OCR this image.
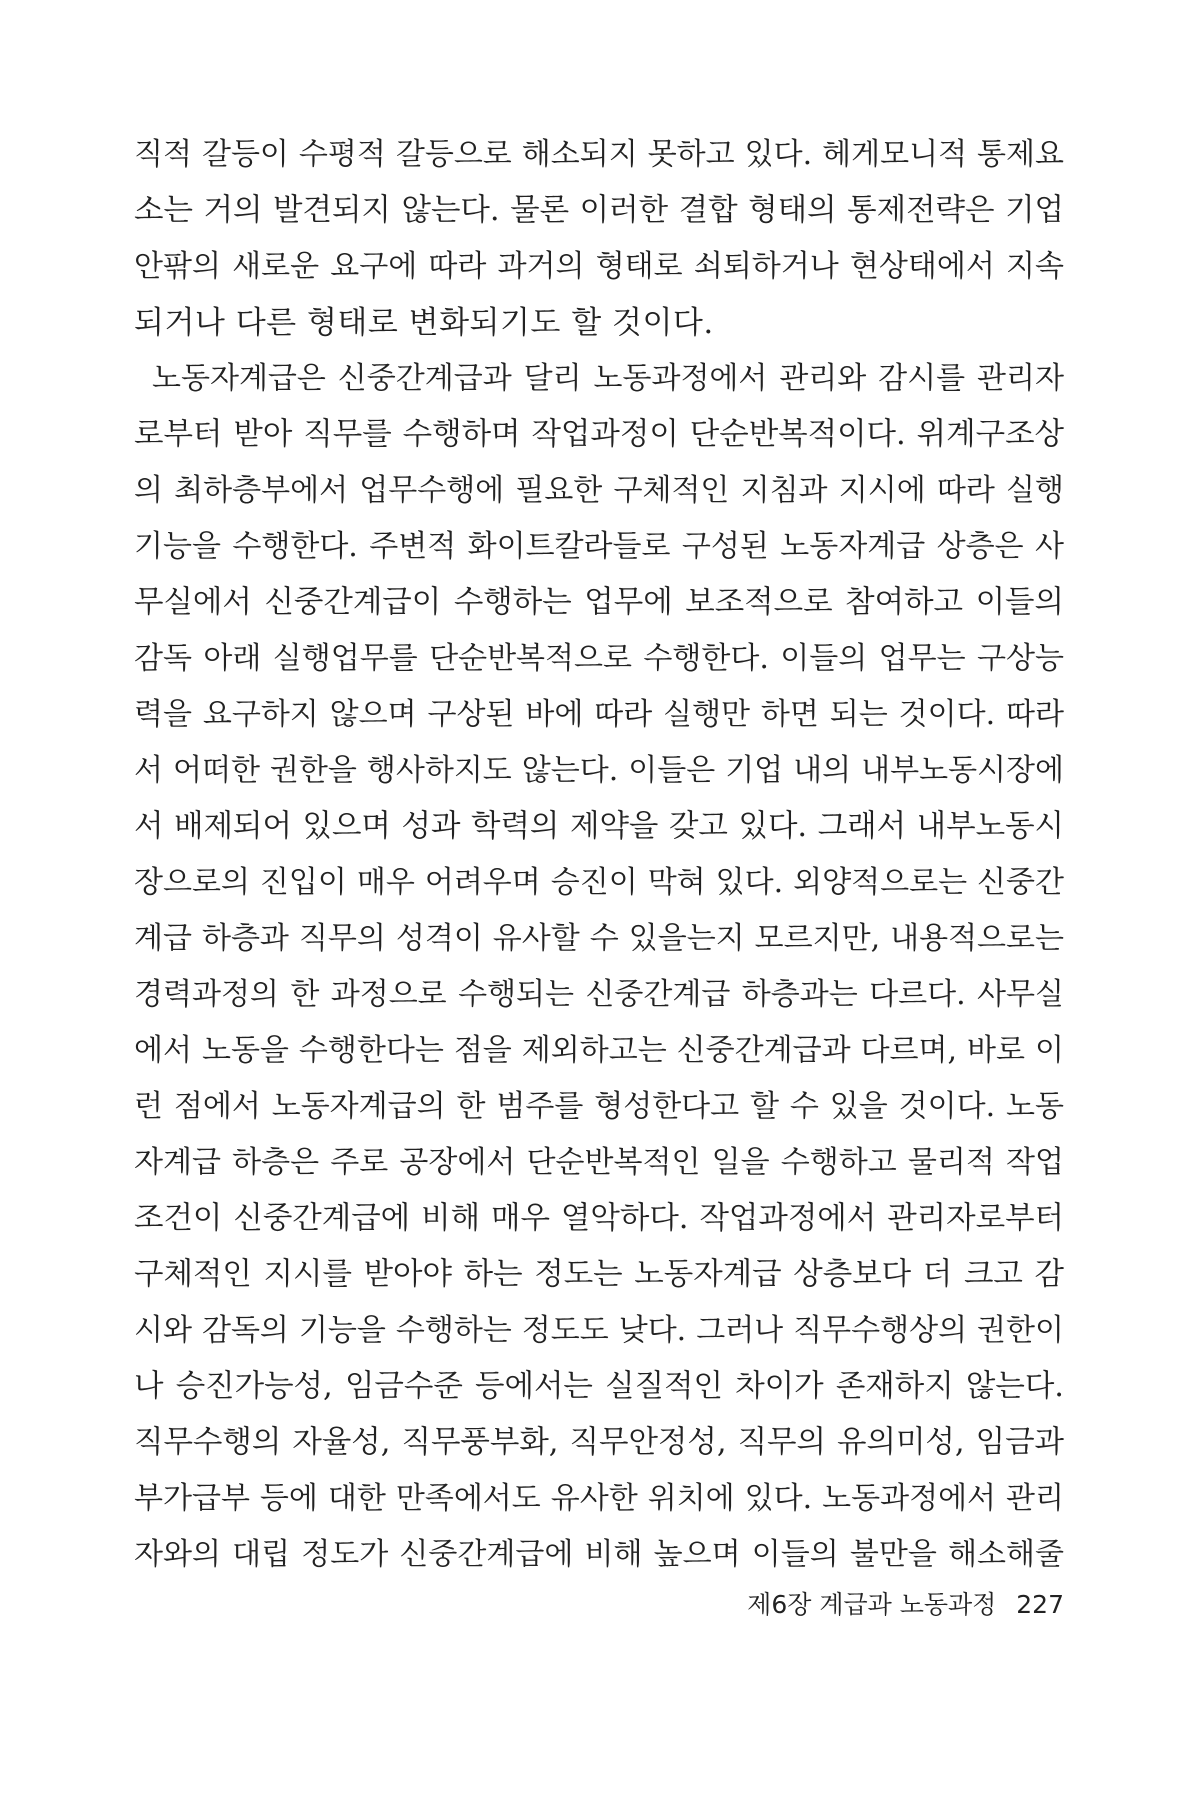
직적 갈등이 수평적 갈등으로 해소되지 못하고 있다. 헤게모니적 통제요
소는 거의 발견되지 않는다. 물론 이러한 결합 형태의 통제전략은 기업
안팎의 새로운 요구에 따라 과거의 형태로 쇠퇴하거나 현상태에서 지속
되거나 다른 형태로 변화되기도 할 것이다.
노동자계급은 신중간계급과 달리 노동과정에서 관리와 감시를 관리자
로부터 받아 직무를 수행하며 작업과정이 단순반복적이다. 위계구조상
의 최하층부에서 업무수행에 필요한 구체적인 지침과 지시에 따라 실행
기능을 수행한다. 주변적 화이트칼라들로 구성된 노동자계급 상층은 사
무실에서 신중간계급이 수행하는 업무에 보조적으로 참여하고 이들의
감독 아래 실행업무를 단순반복적으로 수행한다. 이들의 업무는 구상능
력을 요구하지 않으며 구상된 바에 따라 실행만 하면 되는 것이다. 따라
서 어떠한 권한을 행사하지도 않는다. 이들은 기업 내의 내부노동시장에
서 배제되어 있으며 성과 학력의 제약을 갖고 있다. 그래서 내부노동시
장으로의 진입이 매우 어려우며 승진이 막혀 있다. 외양적으로는 신중간
계급 하층과 직무의 성격이 유사할 수 있을는지 모르지만, 내용적으로는
경력과정의 한 과정으로 수행되는 신중간계급 하층과는 다르다. 사무실
에서 노동을 수행한다는 점을 제외하고는 신중간계급과 다르며, 바로 이
런 점에서 노동자계급의 한 범주를 형성한다고 할 수 있을 것이다. 노동
자계급 하층은 주로 공장에서 단순반복적인 일을 수행하고 물리적 작업
조건이 신중간계급에 비해 매우 열악하다. 작업과정에서 관리자로부터
구체적인 지시를 받아야 하는 정도는 노동자계급 상층보다 더 크고 감
시와 감독의 기능을 수행하는 정도도 낮다. 그러나 직무수행상의 권한이
나 승진가능성, 임금수준 등에서는 실질적인 차이가 존재하지 않는다.
직무수행의 자율성, 직무풍부화, 직무안정성, 직무의 유의미성, 임금과
부가급부 등에 대한 만족에서도 유사한 위치에 있다. 노동과정에서 관리
자와의 대립 정도가 신중간계급에 비해 높으며 이들의 불만을 해소해줄
제6장 계급과 노동과정 227
